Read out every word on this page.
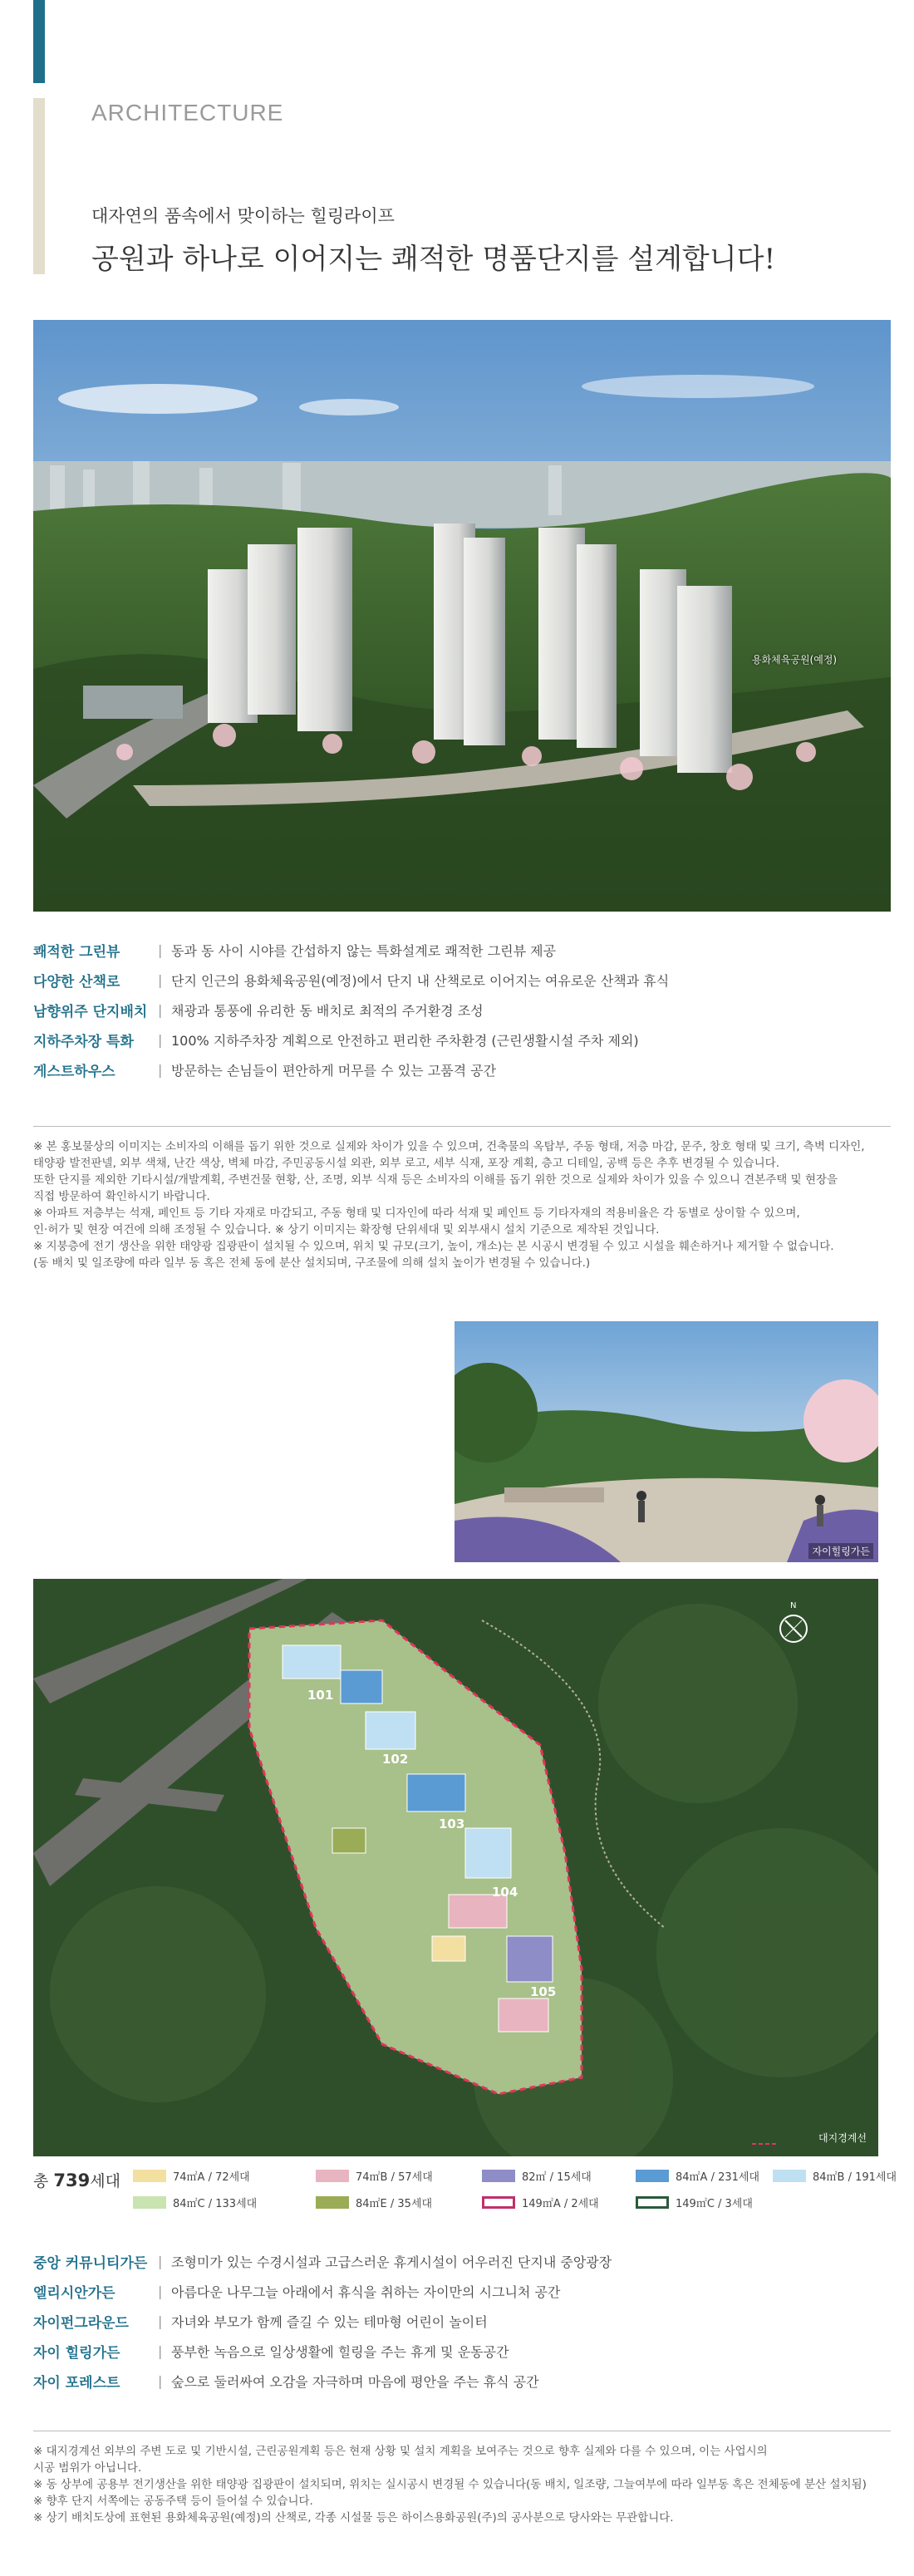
ARCHITECTURE
대자연의 품속에서 맞이하는 힐링라이프
공원과 하나로 이어지는 쾌적한 명품단지를 설계합니다!
용화체육공원(예정)
쾌적한 그린뷰	| 동과 동 사이 시야를 간섭하지 않는 특화설계로 쾌적한 그린뷰 제공
다양한 산책로	| 단지 인근의 용화체육공원(예정)에서 단지 내 산책로로 이어지는 여유로운 산책과 휴식
남향위주 단지배치 | 채광과 통풍에 유리한 동 배치로 최적의 주거환경 조성
지하주차장 특화	| 100% 지하주차장 계획으로 안전하고 편리한 주차환경 (근린생활시설 주차 제외)
게스트하우스	| 방문하는 손님들이 편안하게 머무를 수 있는 고품격 공간

※ 본 홍보물상의 이미지는 소비자의 이해를 돕기 위한 것으로 실제와 차이가 있을 수 있으며, 건축물의 옥탑부, 주동 형태, 저층 마감, 문주, 창호 형태 및 크기, 측벽 디자인,

태양광 발전판넬, 외부 색채, 난간 색상, 벽체 마감, 주민공동시설 외관, 외부 로고, 세부 식재, 포장 계획, 층고 디테일, 공백 등은 추후 변경될 수 있습니다.

또한 단지를 제외한 기타시설/개발계획, 주변건물 현황, 산, 조명, 외부 식재 등은 소비자의 이해를 돕기 위한 것으로 실제와 차이가 있을 수 있으니 견본주택 및 현장을

직접 방문하여 확인하시기 바랍니다.

※ 아파트 저층부는 석재, 페인트 등 기타 자재로 마감되고, 주동 형태 및 디자인에 따라 석재 및 페인트 등 기타자재의 적용비율은 각 동별로 상이할 수 있으며,

인·허가 및 현장 여건에 의해 조정될 수 있습니다. ※ 상기 이미지는 확장형 단위세대 및 외부새시 설치 기준으로 제작된 것입니다.

※ 지붕층에 전기 생산을 위한 태양광 집광판이 설치될 수 있으며, 위치 및 규모(크기, 높이, 개소)는 본 시공시 변경될 수 있고 시설을 훼손하거나 제거할 수 없습니다.

(동 배치 및 일조량에 따라 일부 동 혹은 전체 동에 분산 설치되며, 구조물에 의해 설치 높이가 변경될 수 있습니다.)

자이힐링가든
101
102
103
104
105
N
대지경계선
총 739세대	74㎡A / 72세대	74㎡B / 57세대	82㎡ / 15세대	84㎡A / 231세대	84㎡B / 191세대
84㎡C / 133세대	84㎡E / 35세대	149㎡A / 2세대	149㎡C / 3세대
중앙 커뮤니티가든 | 조형미가 있는 수경시설과 고급스러운 휴게시설이 어우러진 단지내 중앙광장
엘리시안가든	| 아름다운 나무그늘 아래에서 휴식을 취하는 자이만의 시그니처 공간
자이펀그라운드	| 자녀와 부모가 함께 즐길 수 있는 테마형 어린이 놀이터
자이 힐링가든	| 풍부한 녹음으로 일상생활에 힐링을 주는 휴게 및 운동공간
자이 포레스트	| 숲으로 둘러싸여 오감을 자극하며 마음에 평안을 주는 휴식 공간

※ 대지경계선 외부의 주변 도로 및 기반시설, 근린공원계획 등은 현재 상황 및 설치 계획을 보여주는 것으로 향후 실제와 다를 수 있으며, 이는 사업시의

시공 범위가 아닙니다.

※ 동 상부에 공용부 전기생산을 위한 태양광 집광판이 설치되며, 위치는 실시공시 변경될 수 있습니다(동 배치, 일조량, 그늘여부에 따라 일부동 혹은 전체동에 분산 설치됨)

※ 향후 단지 서쪽에는 공동주택 등이 들어설 수 있습니다.

※ 상기 배치도상에 표현된 용화체육공원(예정)의 산책로, 각종 시설물 등은 하이스용화공원(주)의 공사분으로 당사와는 무관합니다.
